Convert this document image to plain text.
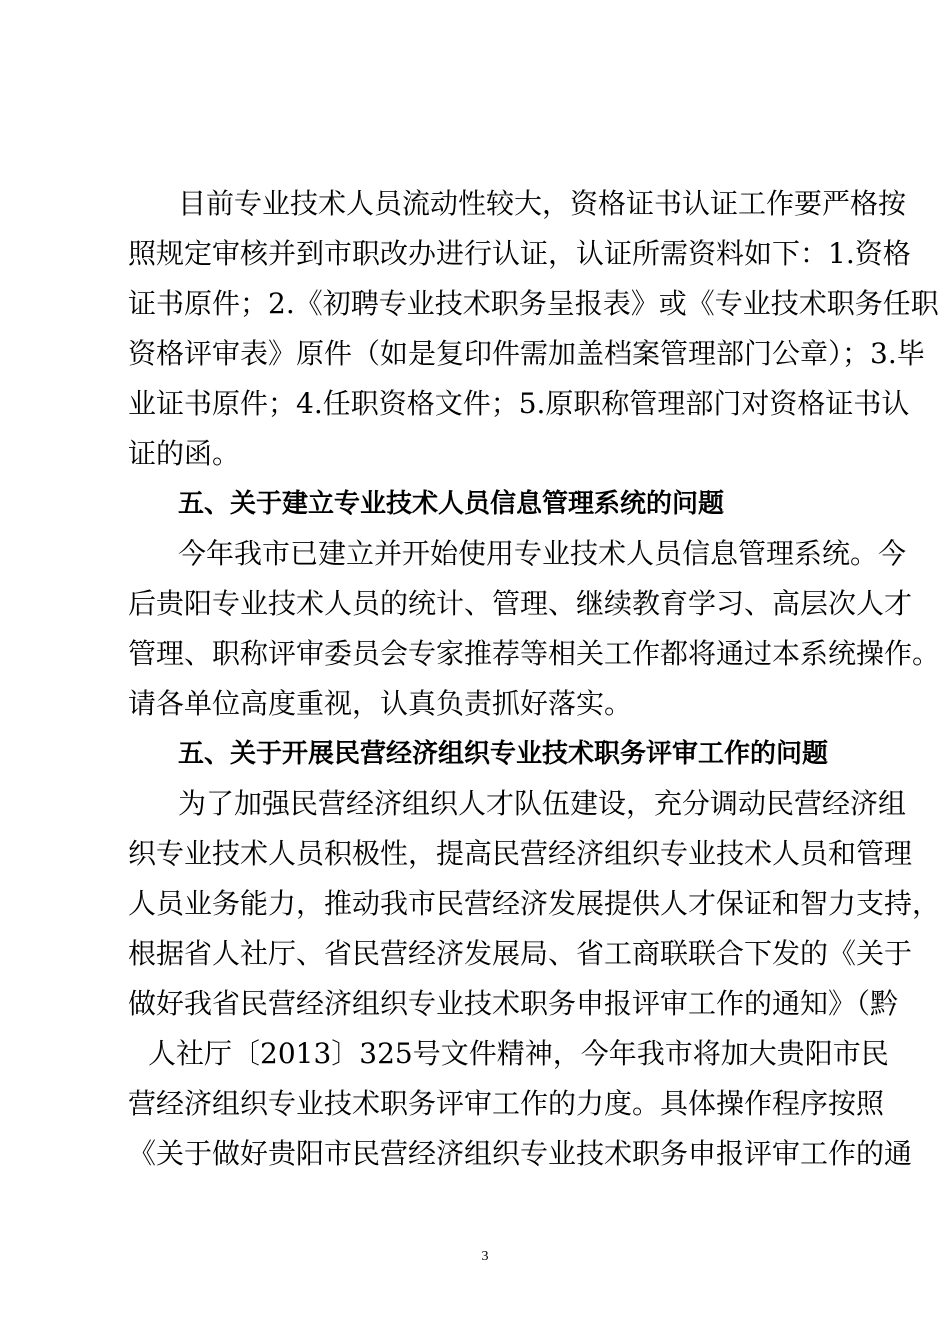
目前专业技术人员流动性较大，资格证书认证工作要严格按
照规定审核并到市职改办进行认证，认证所需资料如下：1.资格
证书原件；2.《初聘专业技术职务呈报表》或《专业技术职务任职
资格评审表》原件（如是复印件需加盖档案管理部门公章）；3.毕
业证书原件；4.任职资格文件；5.原职称管理部门对资格证书认
证的函。
五、关于建立专业技术人员信息管理系统的问题
今年我市已建立并开始使用专业技术人员信息管理系统。今
后贵阳专业技术人员的统计、管理、继续教育学习、高层次人才
管理、职称评审委员会专家推荐等相关工作都将通过本系统操作。
请各单位高度重视，认真负责抓好落实。
五、关于开展民营经济组织专业技术职务评审工作的问题
为了加强民营经济组织人才队伍建设，充分调动民营经济组
织专业技术人员积极性，提高民营经济组织专业技术人员和管理
人员业务能力，推动我市民营经济发展提供人才保证和智力支持，
根据省人社厅、省民营经济发展局、省工商联联合下发的《关于
做好我省民营经济组织专业技术职务申报评审工作的通知》（黔
人社厅〔2013〕325号文件精神，今年我市将加大贵阳市民
营经济组织专业技术职务评审工作的力度。具体操作程序按照
《关于做好贵阳市民营经济组织专业技术职务申报评审工作的通
3
